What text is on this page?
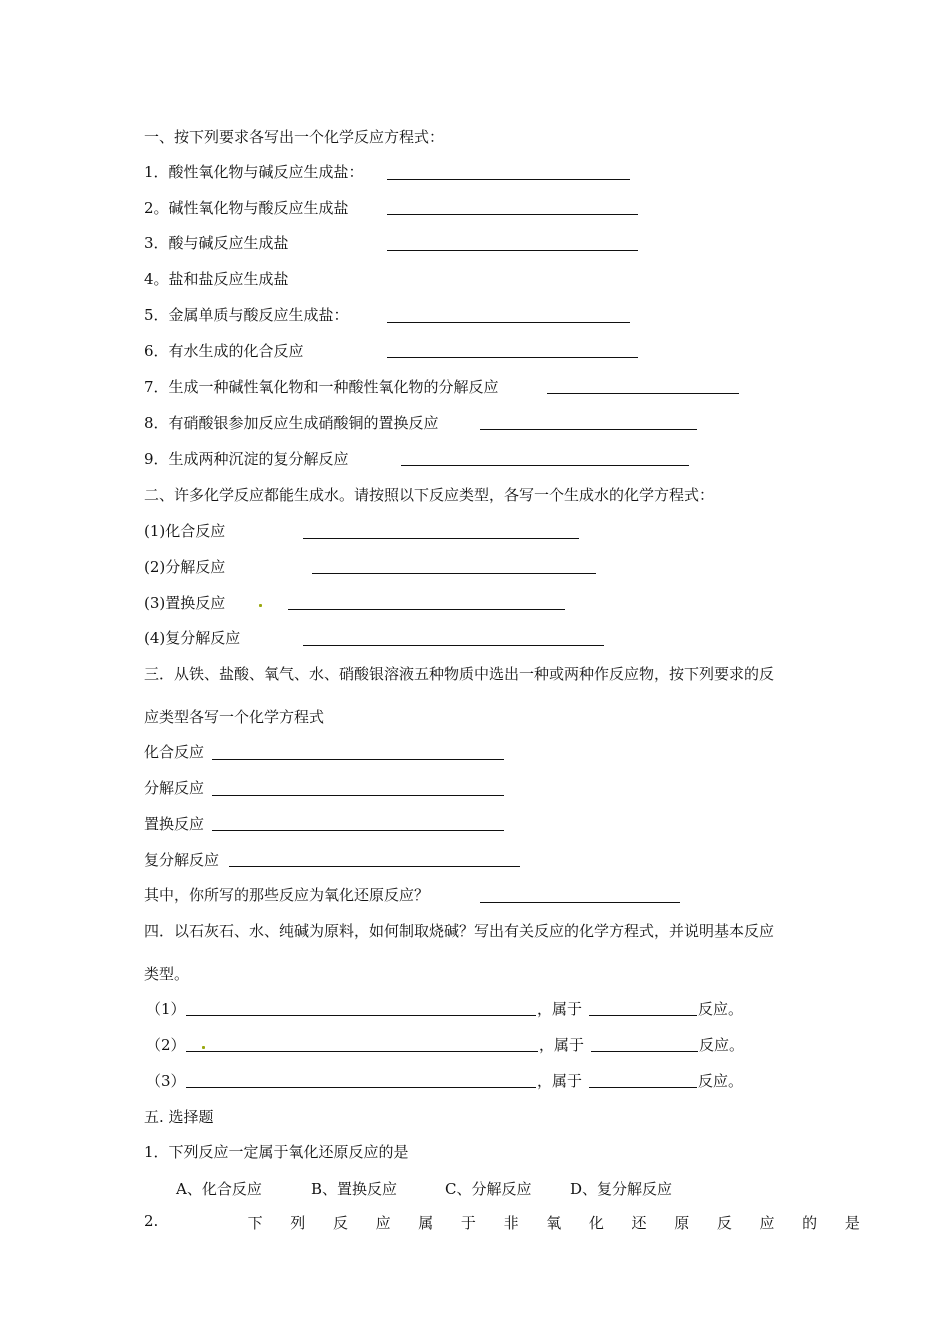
一、按下列要求各写出一个化学反应方程式：
1．酸性氧化物与碱反应生成盐：
2。碱性氧化物与酸反应生成盐
3．酸与碱反应生成盐
4。盐和盐反应生成盐
5．金属单质与酸反应生成盐：
6．有水生成的化合反应
7．生成一种碱性氧化物和一种酸性氧化物的分解反应
8．有硝酸银参加反应生成硝酸铜的置换反应
9．生成两种沉淀的复分解反应
二、许多化学反应都能生成水。请按照以下反应类型，各写一个生成水的化学方程式：
(1)化合反应
(2)分解反应
(3)置换反应
(4)复分解反应
三．从铁、盐酸、氧气、水、硝酸银溶液五种物质中选出一种或两种作反应物，按下列要求的反
应类型各写一个化学方程式
化合反应
分解反应
置换反应
复分解反应
其中，你所写的那些反应为氧化还原反应？
四．以石灰石、水、纯碱为原料，如何制取烧碱？写出有关反应的化学方程式，并说明基本反应
类型。
（1）	，属于	反应。
（2）	，属于	反应。
（3）	，属于	反应。
五. 选择题
1．下列反应一定属于氧化还原反应的是
A、化合反应	B、置换反应	C、分解反应	D、复分解反应
2.	下 列 反 应 属 于 非 氧 化 还 原 反 应 的 是
